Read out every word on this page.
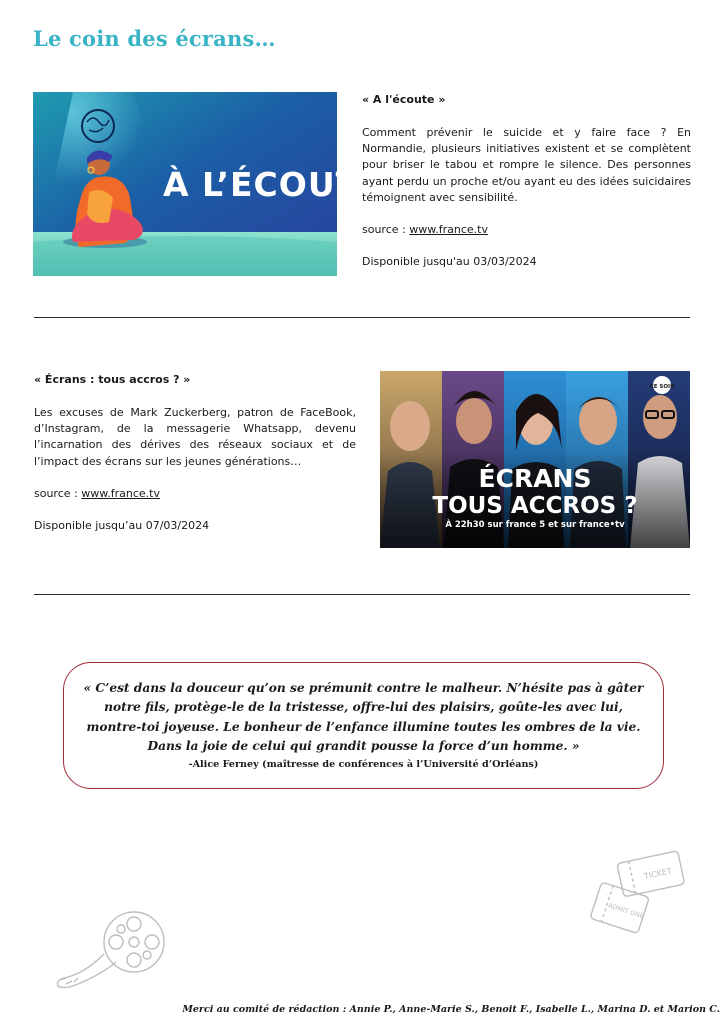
Le coin des écrans…
À L’ÉCOUTE
« A l'écoute »

Comment prévenir le suicide et y faire face ? En Normandie, plusieurs initiatives existent et se complètent pour briser le tabou et rompre le silence. Des personnes ayant perdu un proche et/ou ayant eu des idées suicidaires témoignent avec sensibilité.

source : www.france.tv

Disponible jusqu'au 03/03/2024

« Écrans : tous accros ? »

Les excuses de Mark Zuckerberg, patron de FaceBook, d’Instagram, de la messagerie Whatsapp, devenu l’incarnation des dérives des réseaux sociaux et de l’impact des écrans sur les jeunes générations…

source : www.france.tv

Disponible jusqu’au 07/03/2024

CE SOIR
ÉCRANS
TOUS ACCROS ?
À 22h30 sur france 5 et sur france•tv

« C’est dans la douceur qu’on se prémunit contre le malheur. N’hésite pas à gâter notre fils, protège-le de la tristesse, offre-lui des plaisirs, goûte-les avec lui, montre-toi joyeuse. Le bonheur de l’enfance illumine toutes les ombres de la vie. Dans la joie de celui qui grandit pousse la force d’un homme. »

-Alice Ferney (maîtresse de conférences à l’Université d’Orléans)

TICKET
ADMIT ONE

Merci au comité de rédaction : Annie P., Anne-Marie S., Benoit F., Isabelle L., Marina D. et Marion C.
